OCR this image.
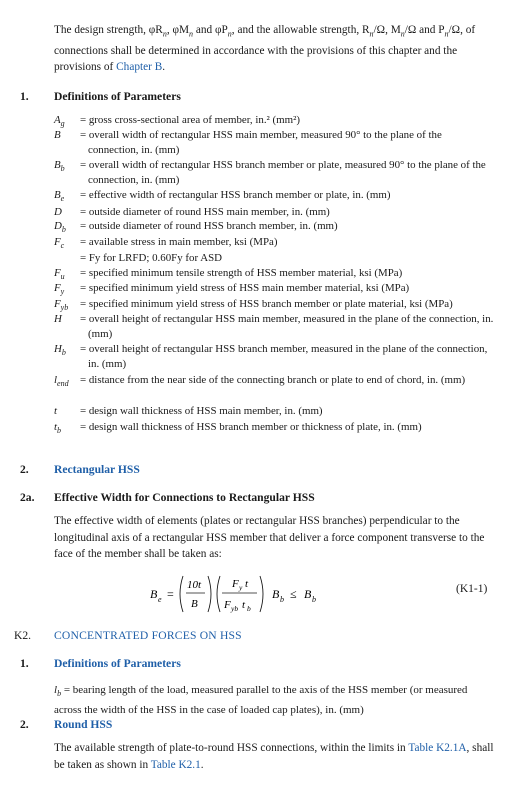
The design strength, $\varphi R_n$, $\varphi M_n$ and $\varphi P_n$, and the allowable strength, $R_n/\Omega$, $M_n/\Omega$ and $P_n/\Omega$, of connections shall be determined in accordance with the provisions of this chapter and the provisions of Chapter B.

1. Definitions of Parameters
$A_g$	= gross cross-sectional area of member, in.² (mm²)
B	= overall width of rectangular HSS main member, measured 90° to the plane of the connection, in. (mm)
$B_b$	= overall width of rectangular HSS branch member or plate, measured 90° to the plane of the connection, in. (mm)
$B_e$	= effective width of rectangular HSS branch member or plate, in. (mm)
D	= outside diameter of round HSS main member, in. (mm)
$D_b$	= outside diameter of round HSS branch member, in. (mm)
$F_c$	= available stress in main member, ksi (MPa)
= Fy for LRFD; 0.60Fy for ASD
$F_u$	= specified minimum tensile strength of HSS member material, ksi (MPa)
$F_y$	= specified minimum yield stress of HSS main member material, ksi (MPa)
$F_{yb}$	= specified minimum yield stress of HSS branch member or plate material, ksi (MPa)
H	= overall height of rectangular HSS main member, measured in the plane of the connection, in. (mm)
$H_b$	= overall height of rectangular HSS branch member, measured in the plane of the connection, in. (mm)
$l_{end}$	= distance from the near side of the connecting branch or plate to end of chord, in. (mm)
t	= design wall thickness of HSS main member, in. (mm)
$t_b$	= design wall thickness of HSS branch member or thickness of plate, in. (mm)
2. Rectangular HSS
2a. Effective Width for Connections to Rectangular HSS

The effective width of elements (plates or rectangular HSS branches) perpendicular to the longitudinal axis of a rectangular HSS member that deliver a force component transverse to the face of the member shall be taken as:

B e =
10t
B
F y t
F yb t b
B b ≤ B b
(K1-1)
K2. CONCENTRATED FORCES ON HSS
1. Definitions of Parameters
$l_b$ = bearing length of the load, measured parallel to the axis of the HSS member (or measured across the width of the HSS in the case of loaded cap plates), in. (mm)
2. Round HSS

The available strength of plate-to-round HSS connections, within the limits in Table K2.1A, shall be taken as shown in Table K2.1.
